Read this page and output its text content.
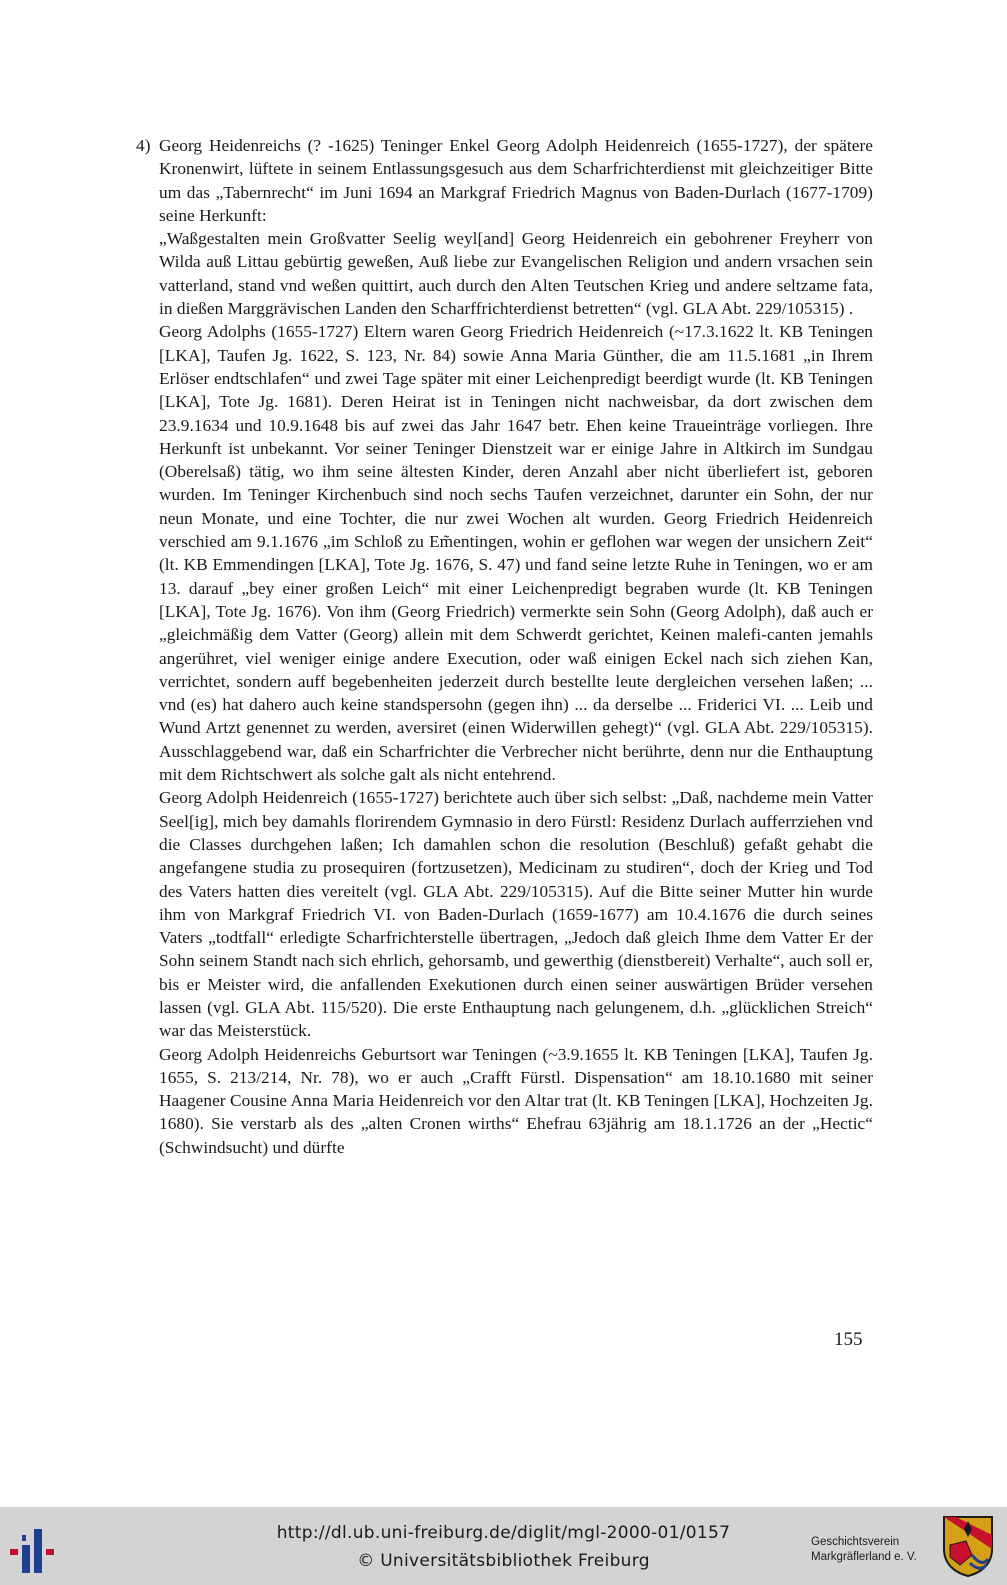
4) Georg Heidenreichs (? -1625) Teninger Enkel Georg Adolph Heidenreich (1655-1727), der spätere Kronenwirt, lüftete in seinem Entlassungsgesuch aus dem Scharfrichterdienst mit gleichzeitiger Bitte um das „Tabernrecht“ im Juni 1694 an Markgraf Friedrich Magnus von Baden-Durlach (1677-1709) seine Herkunft:

„Waßgestalten mein Großvatter Seelig weyl[and] Georg Heidenreich ein gebohrener Freyherr von Wilda auß Littau gebürtig geweßen, Auß liebe zur Evangelischen Religion und andern vrsachen sein vatterland, stand vnd weßen quittirt, auch durch den Alten Teutschen Krieg und andere seltzame fata, in dießen Marggrävischen Landen den Scharffrichterdienst betretten“ (vgl. GLA Abt. 229/105315) .

Georg Adolphs (1655-1727) Eltern waren Georg Friedrich Heidenreich (~17.3.1622 lt. KB Teningen [LKA], Taufen Jg. 1622, S. 123, Nr. 84) sowie Anna Maria Günther, die am 11.5.1681 „in Ihrem Erlöser endtschlafen“ und zwei Tage später mit einer Leichenpredigt beerdigt wurde (lt. KB Teningen [LKA], Tote Jg. 1681). Deren Heirat ist in Teningen nicht nachweisbar, da dort zwischen dem 23.9.1634 und 10.9.1648 bis auf zwei das Jahr 1647 betr. Ehen keine Traueinträge vorliegen. Ihre Herkunft ist unbekannt. Vor seiner Teninger Dienstzeit war er einige Jahre in Altkirch im Sundgau (Oberelsaß) tätig, wo ihm seine ältesten Kinder, deren Anzahl aber nicht überliefert ist, geboren wurden. Im Teninger Kirchenbuch sind noch sechs Taufen verzeichnet, darunter ein Sohn, der nur neun Monate, und eine Tochter, die nur zwei Wochen alt wurden. Georg Friedrich Heidenreich verschied am 9.1.1676 „im Schloß zu Em̃entingen, wohin er geflohen war wegen der unsichern Zeit“ (lt. KB Emmendingen [LKA], Tote Jg. 1676, S. 47) und fand seine letzte Ruhe in Teningen, wo er am 13. darauf „bey einer großen Leich“ mit einer Leichenpredigt begraben wurde (lt. KB Teningen [LKA], Tote Jg. 1676). Von ihm (Georg Friedrich) vermerkte sein Sohn (Georg Adolph), daß auch er „gleichmäßig dem Vatter (Georg) allein mit dem Schwerdt gerichtet, Keinen malefi-canten jemahls angerühret, viel weniger einige andere Execution, oder waß einigen Eckel nach sich ziehen Kan, verrichtet, sondern auff begebenheiten jederzeit durch bestellte leute dergleichen versehen laßen; ... vnd (es) hat dahero auch keine standspersohn (gegen ihn) ... da derselbe ... Friderici VI. ... Leib und Wund Artzt genennet zu werden, aversiret (einen Widerwillen gehegt)“ (vgl. GLA Abt. 229/105315). Ausschlaggebend war, daß ein Scharfrichter die Verbrecher nicht berührte, denn nur die Enthauptung mit dem Richtschwert als solche galt als nicht entehrend.

Georg Adolph Heidenreich (1655-1727) berichtete auch über sich selbst: „Daß, nachdeme mein Vatter Seel[ig], mich bey damahls florirendem Gymnasio in dero Fürstl: Residenz Durlach aufferrziehen vnd die Classes durchgehen laßen; Ich damahlen schon die resolution (Beschluß) gefaßt gehabt die angefangene studia zu prosequiren (fortzusetzen), Medicinam zu studiren“, doch der Krieg und Tod des Vaters hatten dies vereitelt (vgl. GLA Abt. 229/105315). Auf die Bitte seiner Mutter hin wurde ihm von Markgraf Friedrich VI. von Baden-Durlach (1659-1677) am 10.4.1676 die durch seines Vaters „todtfall“ erledigte Scharfrichterstelle übertragen, „Jedoch daß gleich Ihme dem Vatter Er der Sohn seinem Standt nach sich ehrlich, gehorsamb, und gewerthig (dienstbereit) Verhalte“, auch soll er, bis er Meister wird, die anfallenden Exekutionen durch einen seiner auswärtigen Brüder versehen lassen (vgl. GLA Abt. 115/520). Die erste Enthauptung nach gelungenem, d.h. „glücklichen Streich“ war das Meisterstück.

Georg Adolph Heidenreichs Geburtsort war Teningen (~3.9.1655 lt. KB Teningen [LKA], Taufen Jg. 1655, S. 213/214, Nr. 78), wo er auch „Crafft Fürstl. Dispensation“ am 18.10.1680 mit seiner Haagener Cousine Anna Maria Heidenreich vor den Altar trat (lt. KB Teningen [LKA], Hochzeiten Jg. 1680). Sie verstarb als des „alten Cronen wirths“ Ehefrau 63jährig am 18.1.1726 an der „Hectic“ (Schwindsucht) und dürfte

155
http://dl.ub.uni-freiburg.de/diglit/mgl-2000-01/0157
© Universitätsbibliothek Freiburg
Geschichtsverein
Markgräflerland e. V.
